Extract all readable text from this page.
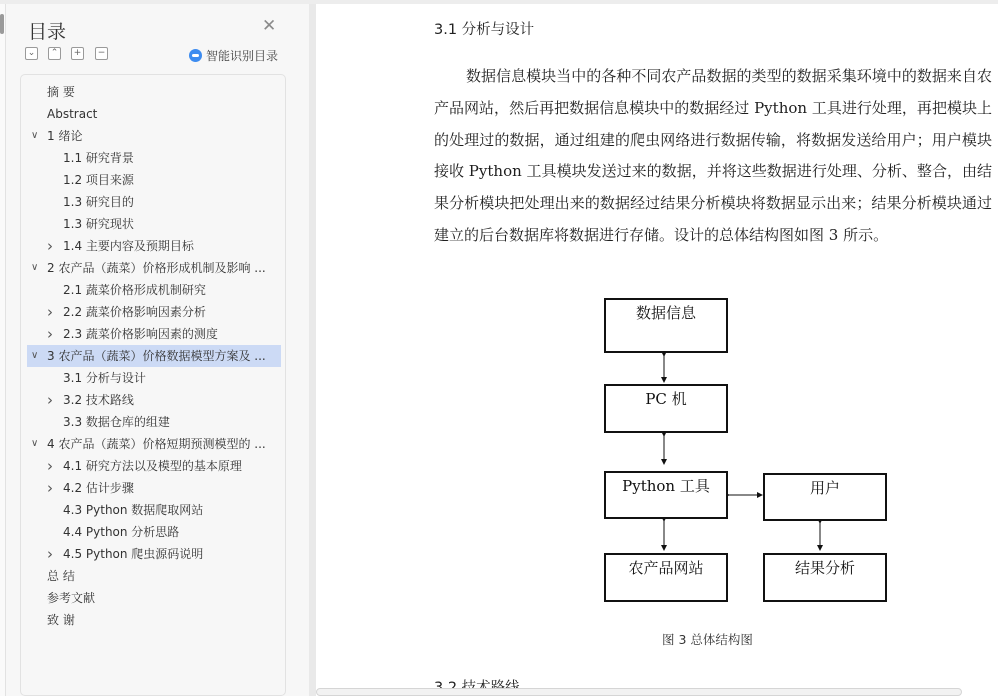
目录	✕
⌄	⌃	+	−	智能识别目录
摘 要
Abstract
∨ 1 绪论
1.1 研究背景
1.2 项目来源
1.3 研究目的
1.3 研究现状
› 1.4 主要内容及预期目标
∨ 2 农产品（蔬菜）价格形成机制及影响 ...
2.1 蔬菜价格形成机制研究
› 2.2 蔬菜价格影响因素分析
› 2.3 蔬菜价格影响因素的测度
∨ 3 农产品（蔬菜）价格数据模型方案及 ...
3.1 分析与设计
› 3.2 技术路线
3.3 数据仓库的组建
∨ 4 农产品（蔬菜）价格短期预测模型的 ...
› 4.1 研究方法以及模型的基本原理
› 4.2 估计步骤
4.3 Python 数据爬取网站
4.4 Python 分析思路
› 4.5 Python 爬虫源码说明
总 结
参考文献
致 谢
3.1 分析与设计
数据信息模块当中的各种不同农产品数据的类型的数据采集环境中的数据来自农产品网站，然后再把数据信息模块中的数据经过 Python 工具进行处理，再把模块上的处理过的数据，通过组建的爬虫网络进行数据传输，将数据发送给用户；用户模块接收 Python 工具模块发送过来的数据，并将这些数据进行处理、分析、整合，由结果分析模块把处理出来的数据经过结果分析模块将数据显示出来；结果分析模块通过建立的后台数据库将数据进行存储。设计的总体结构图如图 3 所示。
数据信息
PC 机
Python 工具	用户
农产品网站	结果分析
图 3 总体结构图
